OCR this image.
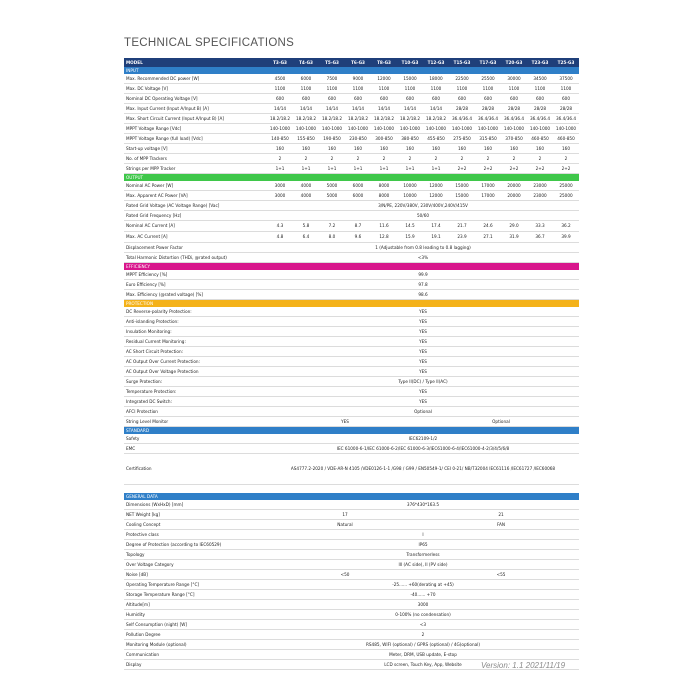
TECHNICAL SPECIFICATIONS
MODEL	T3-G3	T4-G3	T5-G3	T6-G3	T8-G3	T10-G3	T12-G3	T15-G3	T17-G3	T20-G3	T23-G3	T25-G3
INPUT
Max. Recommended DC power [W]	4500	6000	7500	9000	12000	15000	18000	22500	25500	30000	34500	37500
Max. DC Voltage [V]	1100	1100	1100	1100	1100	1100	1100	1100	1100	1100	1100	1100
Nominal DC Operating Voltage [V]	600	600	600	600	600	600	600	600	600	600	600	600
Max. Input Current (Input A/Input B) [A]	14/14	14/14	14/14	14/14	14/14	14/14	14/14	28/28	28/28	28/28	28/28	28/28
Max. Short Circuit Current (Input A/Input B) [A]	18.2/18.2	18.2/18.2	18.2/18.2	18.2/18.2	18.2/18.2	18.2/18.2	18.2/18.2	36.4/36.4	36.4/36.4	36.4/36.4	36.4/36.4	36.4/36.4
MPPT Voltage Range [Vdc]	140-1000	140-1000	140-1000	140-1000	140-1000	140-1000	140-1000	140-1000	140-1000	140-1000	140-1000	140-1000
MPPT Voltage Range (full load) [Vdc]	140-850	155-850	190-850	230-850	300-850	380-850	455-850	275-850	315-850	370-850	460-850	460-850
Start-up voltage [V]	160	160	160	160	160	160	160	160	160	160	160	160
No. of MPP Trackers	2	2	2	2	2	2	2	2	2	2	2	2
Strings per MPP Tracker	1+1	1+1	1+1	1+1	1+1	1+1	1+1	2+2	2+2	2+2	2+2	2+2
OUTPUT
Nominal AC Power [W]	3000	4000	5000	6000	8000	10000	12000	15000	17000	20000	23000	25000
Max. Apparent AC Power [VA]	3000	4000	5000	6000	8000	10000	12000	15000	17000	20000	23000	25000
Rated Grid Voltage (AC Voltage Range) [Vac]	3/N/PE, 220V/380V, 230V/400V,240V/415V
Rated Grid Frequency [Hz]	50/60
Nominal AC Current [A]	4.3	5.8	7.2	8.7	11.6	14.5	17.4	21.7	24.6	29.0	33.3	36.2
Max. AC Current [A]	4.8	6.4	8.0	9.6	12.8	15.9	19.1	23.9	27.1	31.9	36.7	39.9
Displacement Power Factor	1 (Adjustable from 0.8 leading to 0.8 lagging)
Total Harmonic Distortion (THDi, @rated output)	<3%
EFFICIENCY
MPPT Efficiency [%]	99.9
Euro Efficiency [%]	97.8
Max. Efficiency (@rated voltage) [%]	98.6
PROTECTION
DC Reverse-polarity Protection:	YES
Anti-islanding Protection:	YES
Insulation Monitoring:	YES
Residual Current Monitoring:	YES
AC Short Circuit Protection:	YES
AC Output Over Current Protection:	YES
AC Output Over Voltage Protection	YES
Surge Protection:	Type II(DC) / Type II(AC)
Temperature Protection:	YES
Integrated DC Switch:	YES
AFCI Protection	Optional
String Level Monitor	YES	Optional
STANDARD
Safety	IEC62109-1/2
EMC	IEC 61000-6-1/IEC 61000-6-2/IEC 61000-6-3/IEC61000-6-4/IEC61000-4-2/3/4/5/6/8
Certification	AS4777.2-2020 / VDE-AR-N 4105 /VDE0126-1-1 /G98 / G99 / EN50549-1/ CEI 0-21/ NB/T32004 IEC61116 /IEC61727 /IEC60068
GENERAL DATA
Dimensions (WxHxD) [mm]	376*430*163.5
NET Weight [kg]	17	21
Cooling Concept	Natural	FAN
Protective class	I
Degree of Protection (according to IEC60529)	IP65
Topology	Transformerless
Over Voltage Category	III (AC side), II (PV side)
Noise [dB]	<50	<55
Operating Temperature Range [°C]	-25...... +60(derating at +45)
Storage Temperature Range [°C]	-40...... +70
Altitude[m]	3000
Humidity	0-100% (no condensation)
Self Consumption (night) [W]	<3
Pollution Degree	2
Monitoring Module (optional)	RS485, WIFI (optional) / GPRS (optional) / 4G(optional)
Communication	Meter, DRM, USB update, E-stop
Display	LCD screen, Touch Key, App, Website	Version: 1.1 2021/11/19
